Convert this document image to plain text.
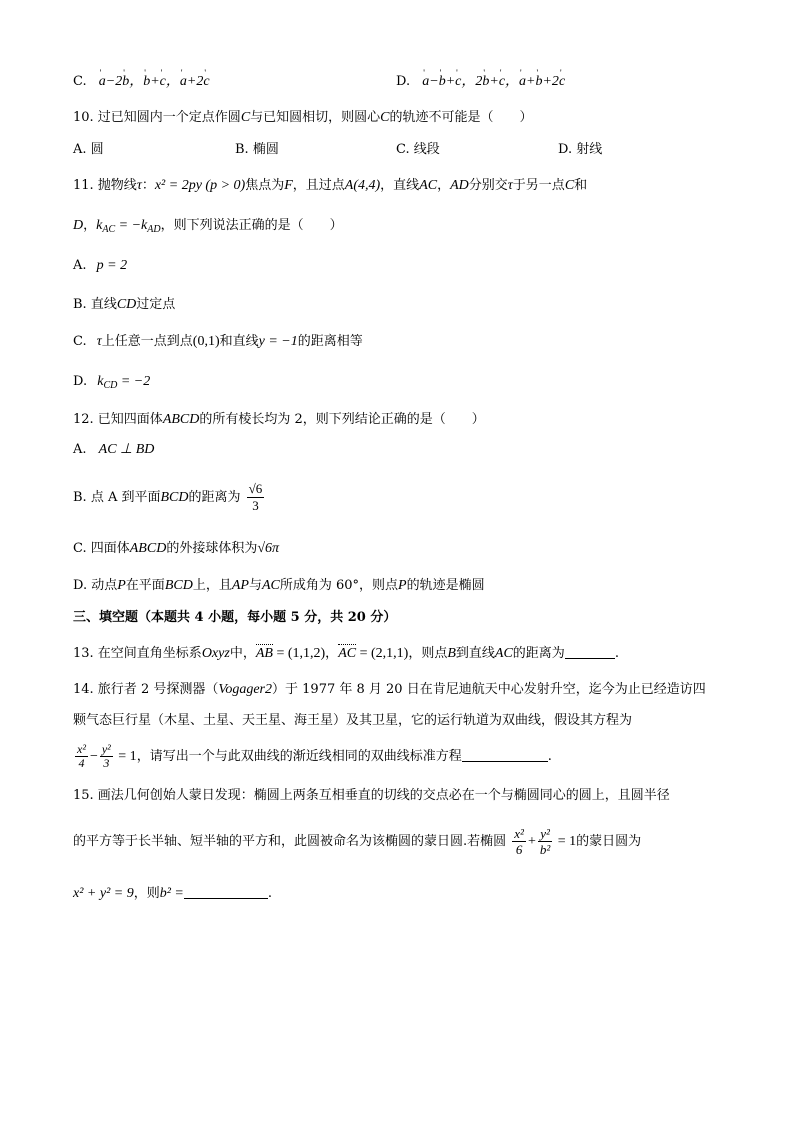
C. ' a−2' b，' b+' c，' a+2' c	D. ' a−' b+' c，2' b+' c，' a+' b+2' c
10. 过已知圆内一个定点作圆C与已知圆相切，则圆心C的轨迹不可能是（　　）
A. 圆	B. 椭圆	C. 线段	D. 射线
11. 抛物线τ：x² = 2py (p > 0)焦点为F，且过点A(4,4)，直线AC，AD分别交τ于另一点C和
D，$k_{AC} = -k_{AD}$，则下列说法正确的是（　　）
A. p = 2
B. 直线CD过定点
C. τ上任意一点到点(0,1)和直线y = −1的距离相等
D. $k_{CD} = -2$
12. 已知四面体ABCD的所有棱长均为 2，则下列结论正确的是（　　）
A. AC ⊥ BD
B. 点 A 到平面BCD的距离为 $\frac{√6}{3}$
C. 四面体ABCD的外接球体积为√6π
D. 动点P在平面BCD上，且AP与AC所成角为 60°，则点P的轨迹是椭圆
三、填空题（本题共 4 小题，每小题 5 分，共 20 分）
13. 在空间直角坐标系Oxyz中，AB = (1,1,2)，AC = (2,1,1)，则点B到直线AC的距离为	.
14. 旅行者 2 号探测器（Vogager2）于 1977 年 8 月 20 日在肯尼迪航天中心发射升空，迄今为止已经造访四
颗气态巨行星（木星、土星、天王星、海王星）及其卫星，它的运行轨道为双曲线，假设其方程为
$\frac{\text{x²}}{4} - \frac{\text{y²}}{3} = 1$，请写出一个与此双曲线的渐近线相同的双曲线标准方程	.
15. 画法几何创始人蒙日发现：椭圆上两条互相垂直的切线的交点必在一个与椭圆同心的圆上，且圆半径
的平方等于长半轴、短半轴的平方和，此圆被命名为该椭圆的蒙日圆.若椭圆 $\frac{\text{x²}}{6} + \frac{\text{y²}}{\text{b²}} = 1$的蒙日圆为
x² + y² = 9，则b² =	.
